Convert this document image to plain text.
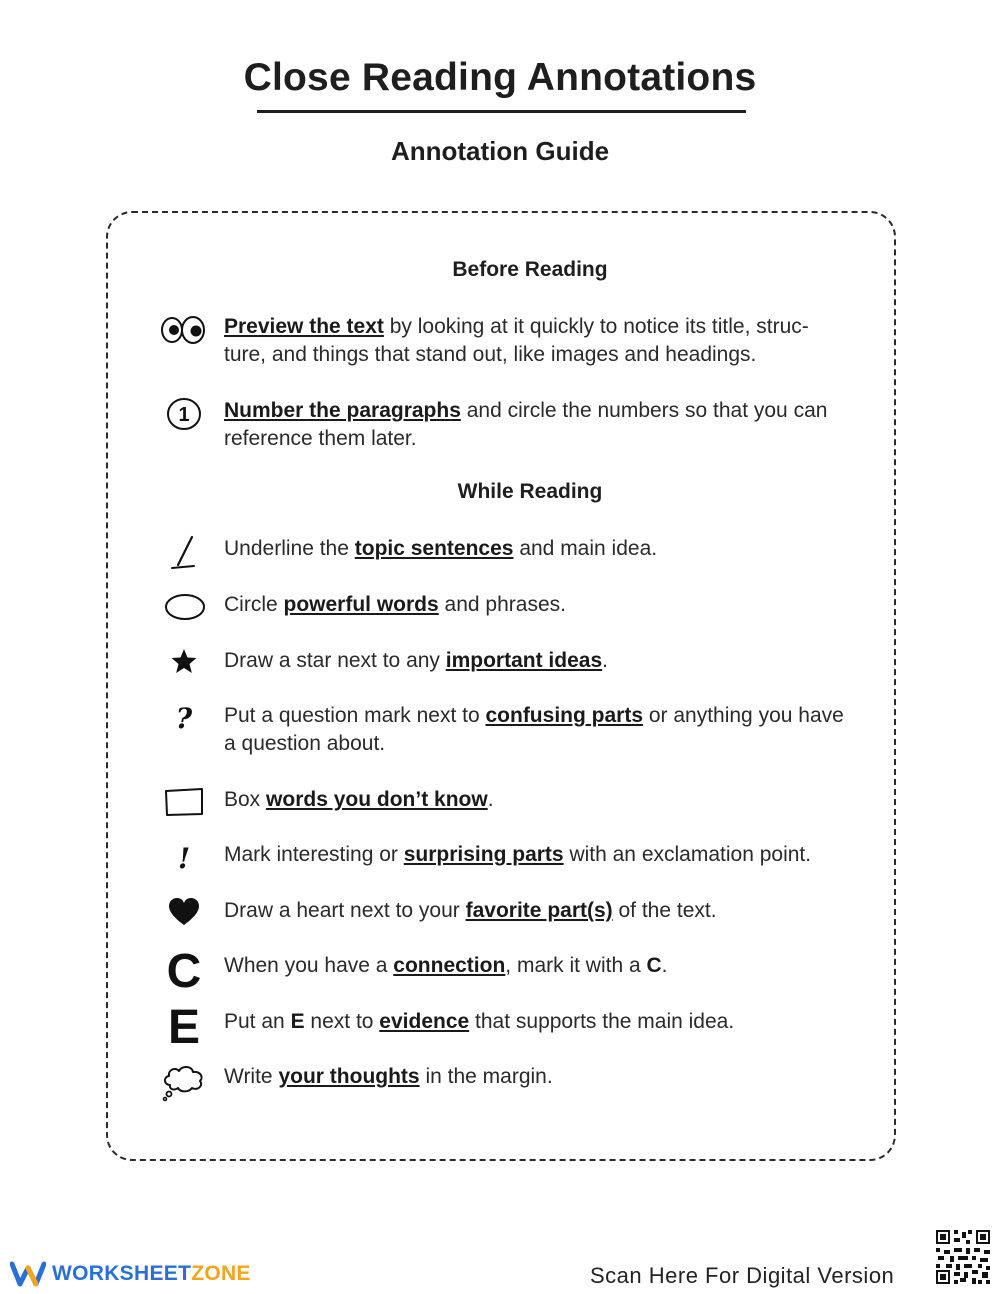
Close Reading Annotations
Annotation Guide
Before Reading
Preview the text by looking at it quickly to notice its title, struc- ture, and things that stand out, like images and headings.
1 Number the paragraphs and circle the numbers so that you can reference them later.
While Reading
Underline the topic sentences and main idea.
Circle powerful words and phrases.
Draw a star next to any important ideas.
? Put a question mark next to confusing parts or anything you have a question about.
Box words you don’t know.
! Mark interesting or surprising parts with an exclamation point.
Draw a heart next to your favorite part(s) of the text.
C When you have a connection, mark it with a C.
E Put an E next to evidence that supports the main idea.
Write your thoughts in the margin.
WORKSHEETZONE	Scan Here For Digital Version
